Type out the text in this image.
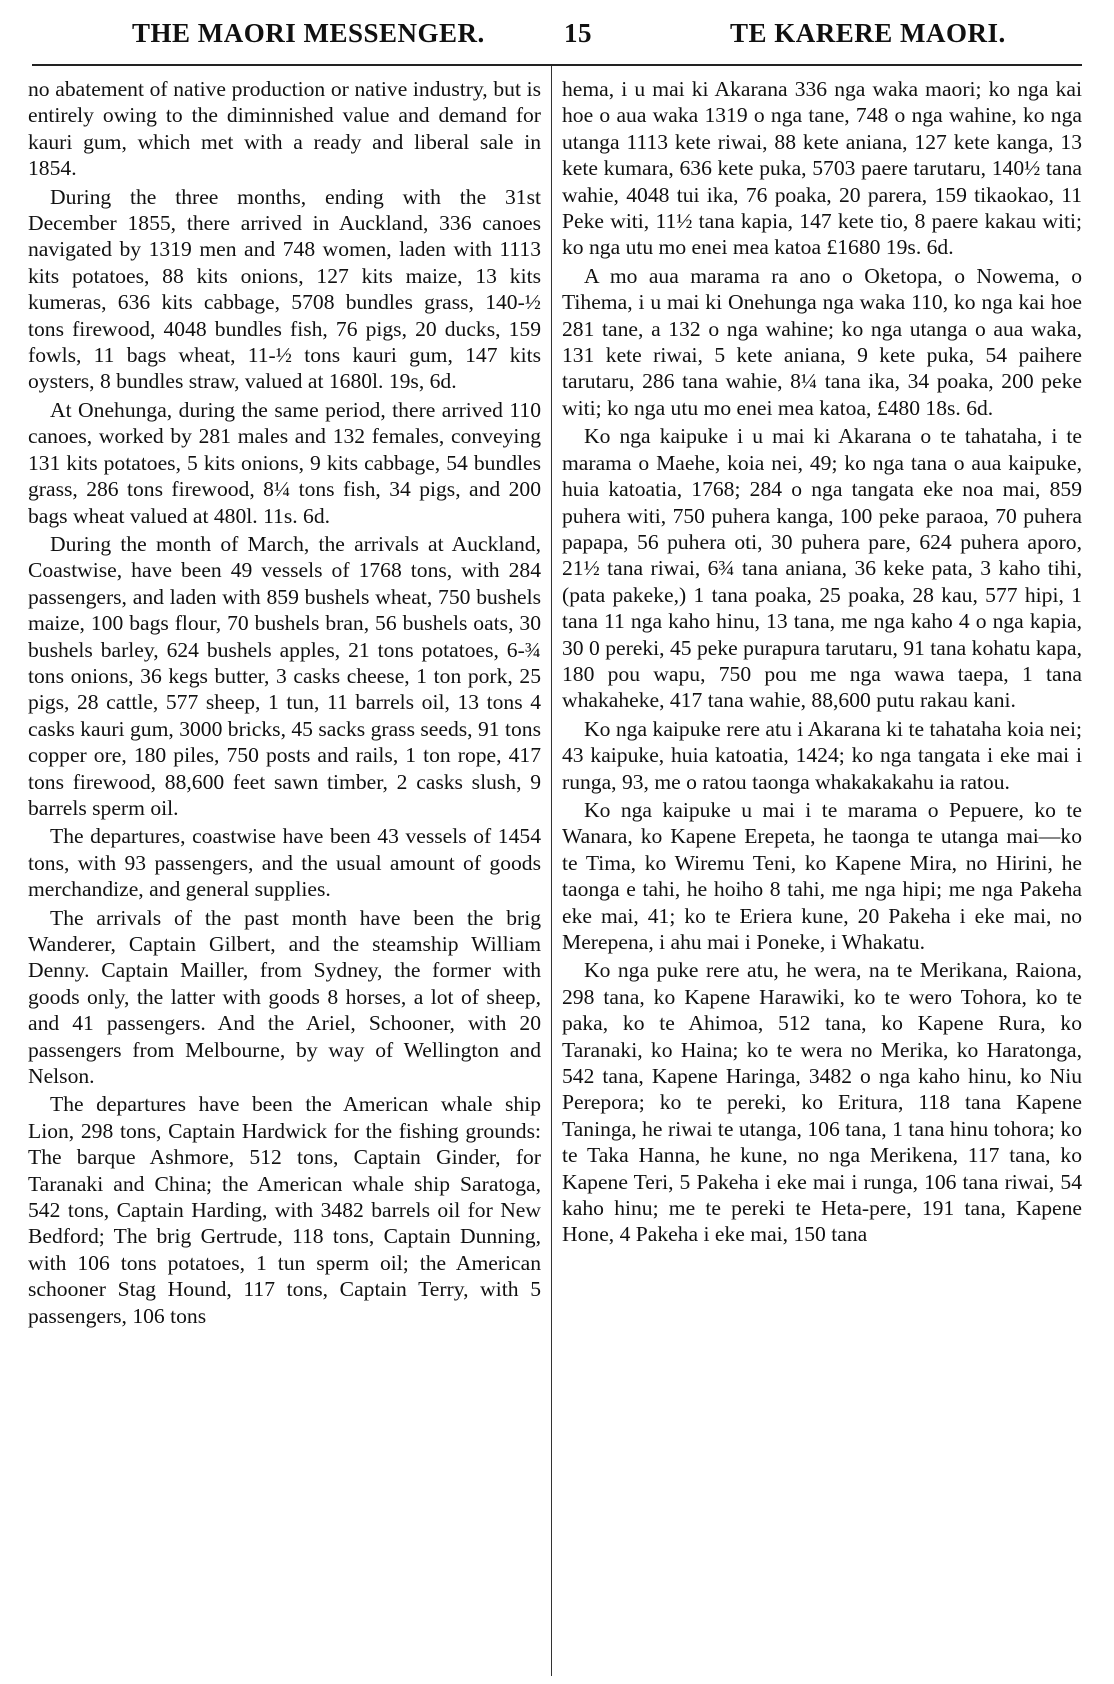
THE MAORI MESSENGER.	15	TE KARERE MAORI.

no abatement of native production or native industry, but is entirely owing to the diminnished value and demand for kauri gum, which met with a ready and liberal sale in 1854.

During the three months, ending with the 31st December 1855, there arrived in Auckland, 336 canoes navigated by 1319 men and 748 women, laden with 1113 kits potatoes, 88 kits onions, 127 kits maize, 13 kits kumeras, 636 kits cabbage, 5708 bundles grass, 140-½ tons firewood, 4048 bundles fish, 76 pigs, 20 ducks, 159 fowls, 11 bags wheat, 11-½ tons kauri gum, 147 kits oysters, 8 bundles straw, valued at 1680l. 19s, 6d.

At Onehunga, during the same period, there arrived 110 canoes, worked by 281 males and 132 females, conveying 131 kits potatoes, 5 kits onions, 9 kits cabbage, 54 bundles grass, 286 tons firewood, 8¼ tons fish, 34 pigs, and 200 bags wheat valued at 480l. 11s. 6d.

During the month of March, the arrivals at Auckland, Coastwise, have been 49 vessels of 1768 tons, with 284 passengers, and laden with 859 bushels wheat, 750 bushels maize, 100 bags flour, 70 bushels bran, 56 bushels oats, 30 bushels barley, 624 bushels apples, 21 tons potatoes, 6-¾ tons onions, 36 kegs butter, 3 casks cheese, 1 ton pork, 25 pigs, 28 cattle, 577 sheep, 1 tun, 11 barrels oil, 13 tons 4 casks kauri gum, 3000 bricks, 45 sacks grass seeds, 91 tons copper ore, 180 piles, 750 posts and rails, 1 ton rope, 417 tons firewood, 88,600 feet sawn timber, 2 casks slush, 9 barrels sperm oil.

The departures, coastwise have been 43 vessels of 1454 tons, with 93 passengers, and the usual amount of goods merchandize, and general supplies.

The arrivals of the past month have been the brig Wanderer, Captain Gilbert, and the steamship William Denny. Captain Mailler, from Sydney, the former with goods only, the latter with goods 8 horses, a lot of sheep, and 41 passengers. And the Ariel, Schooner, with 20 passengers from Melbourne, by way of Wellington and Nelson.

The departures have been the American whale ship Lion, 298 tons, Captain Hardwick for the fishing grounds: The barque Ashmore, 512 tons, Captain Ginder, for Taranaki and China; the American whale ship Saratoga, 542 tons, Captain Harding, with 3482 barrels oil for New Bedford; The brig Gertrude, 118 tons, Captain Dunning, with 106 tons potatoes, 1 tun sperm oil; the American schooner Stag Hound, 117 tons, Captain Terry, with 5 passengers, 106 tons

hema, i u mai ki Akarana 336 nga waka maori; ko nga kai hoe o aua waka 1319 o nga tane, 748 o nga wahine, ko nga utanga 1113 kete riwai, 88 kete aniana, 127 kete kanga, 13 kete kumara, 636 kete puka, 5703 paere tarutaru, 140½ tana wahie, 4048 tui ika, 76 poaka, 20 parera, 159 tikaokao, 11 Peke witi, 11½ tana kapia, 147 kete tio, 8 paere kakau witi; ko nga utu mo enei mea katoa £1680 19s. 6d.

A mo aua marama ra ano o Oketopa, o Nowema, o Tihema, i u mai ki Onehunga nga waka 110, ko nga kai hoe 281 tane, a 132 o nga wahine; ko nga utanga o aua waka, 131 kete riwai, 5 kete aniana, 9 kete puka, 54 paihere tarutaru, 286 tana wahie, 8¼ tana ika, 34 poaka, 200 peke witi; ko nga utu mo enei mea katoa, £480 18s. 6d.

Ko nga kaipuke i u mai ki Akarana o te tahataha, i te marama o Maehe, koia nei, 49; ko nga tana o aua kaipuke, huia katoatia, 1768; 284 o nga tangata eke noa mai, 859 puhera witi, 750 puhera kanga, 100 peke paraoa, 70 puhera papapa, 56 puhera oti, 30 puhera pare, 624 puhera aporo, 21½ tana riwai, 6¾ tana aniana, 36 keke pata, 3 kaho tihi, (pata pakeke,) 1 tana poaka, 25 poaka, 28 kau, 577 hipi, 1 tana 11 nga kaho hinu, 13 tana, me nga kaho 4 o nga kapia, 30 0 pereki, 45 peke purapura tarutaru, 91 tana kohatu kapa, 180 pou wapu, 750 pou me nga wawa taepa, 1 tana whakaheke, 417 tana wahie, 88,600 putu rakau kani.

Ko nga kaipuke rere atu i Akarana ki te tahataha koia nei; 43 kaipuke, huia katoatia, 1424; ko nga tangata i eke mai i runga, 93, me o ratou taonga whakakakahu ia ratou.

Ko nga kaipuke u mai i te marama o Pepuere, ko te Wanara, ko Kapene Erepeta, he taonga te utanga mai—ko te Tima, ko Wiremu Teni, ko Kapene Mira, no Hirini, he taonga e tahi, he hoiho 8 tahi, me nga hipi; me nga Pakeha eke mai, 41; ko te Eriera kune, 20 Pakeha i eke mai, no Merepena, i ahu mai i Poneke, i Whakatu.

Ko nga puke rere atu, he wera, na te Merikana, Raiona, 298 tana, ko Kapene Harawiki, ko te wero Tohora, ko te paka, ko te Ahimoa, 512 tana, ko Kapene Rura, ko Taranaki, ko Haina; ko te wera no Merika, ko Haratonga, 542 tana, Kapene Haringa, 3482 o nga kaho hinu, ko Niu Perepora; ko te pereki, ko Eritura, 118 tana Kapene Taninga, he riwai te utanga, 106 tana, 1 tana hinu tohora; ko te Taka Hanna, he kune, no nga Merikena, 117 tana, ko Kapene Teri, 5 Pakeha i eke mai i runga, 106 tana riwai, 54 kaho hinu; me te pereki te Heta-pere, 191 tana, Kapene Hone, 4 Pakeha i eke mai, 150 tana
